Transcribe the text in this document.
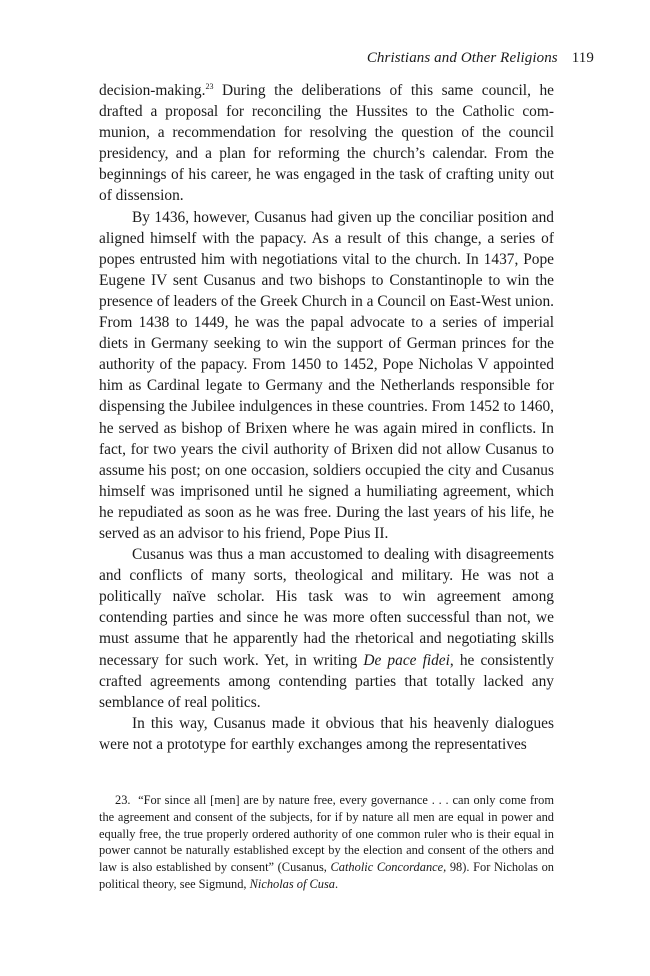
Christians and Other Religions 119

decision-making.$^{23}$ During the deliberations of this same council, he drafted a proposal for reconciling the Hussites to the Catholic communion, a recommendation for resolving the question of the council presidency, and a plan for reforming the church’s calendar. From the beginnings of his career, he was engaged in the task of crafting unity out of dissension.

By 1436, however, Cusanus had given up the conciliar position and aligned himself with the papacy. As a result of this change, a series of popes entrusted him with negotiations vital to the church. In 1437, Pope Eugene IV sent Cusanus and two bishops to Constantinople to win the presence of leaders of the Greek Church in a Council on East-West union. From 1438 to 1449, he was the papal advocate to a series of imperial diets in Germany seeking to win the support of German princes for the authority of the papacy. From 1450 to 1452, Pope Nicholas V appointed him as Cardinal legate to Germany and the Netherlands responsible for dispensing the Jubilee indulgences in these countries. From 1452 to 1460, he served as bishop of Brixen where he was again mired in conflicts. In fact, for two years the civil authority of Brixen did not allow Cusanus to assume his post; on one occasion, soldiers occupied the city and Cusanus himself was imprisoned until he signed a humiliating agreement, which he repudiated as soon as he was free. During the last years of his life, he served as an advisor to his friend, Pope Pius II.

Cusanus was thus a man accustomed to dealing with disagreements and conflicts of many sorts, theological and military. He was not a politically naïve scholar. His task was to win agreement among contending parties and since he was more often successful than not, we must assume that he apparently had the rhetorical and negotiating skills necessary for such work. Yet, in writing De pace fidei, he consistently crafted agreements among contending parties that totally lacked any semblance of real politics.

In this way, Cusanus made it obvious that his heavenly dialogues were not a prototype for earthly exchanges among the representatives

23.  “For since all [men] are by nature free, every governance . . . can only come from the agreement and consent of the subjects, for if by nature all men are equal in power and equally free, the true properly ordered authority of one common ruler who is their equal in power cannot be naturally established except by the election and consent of the others and law is also established by consent” (Cusanus, Catholic Concordance, 98). For Nicholas on political theory, see Sigmund, Nicholas of Cusa.
